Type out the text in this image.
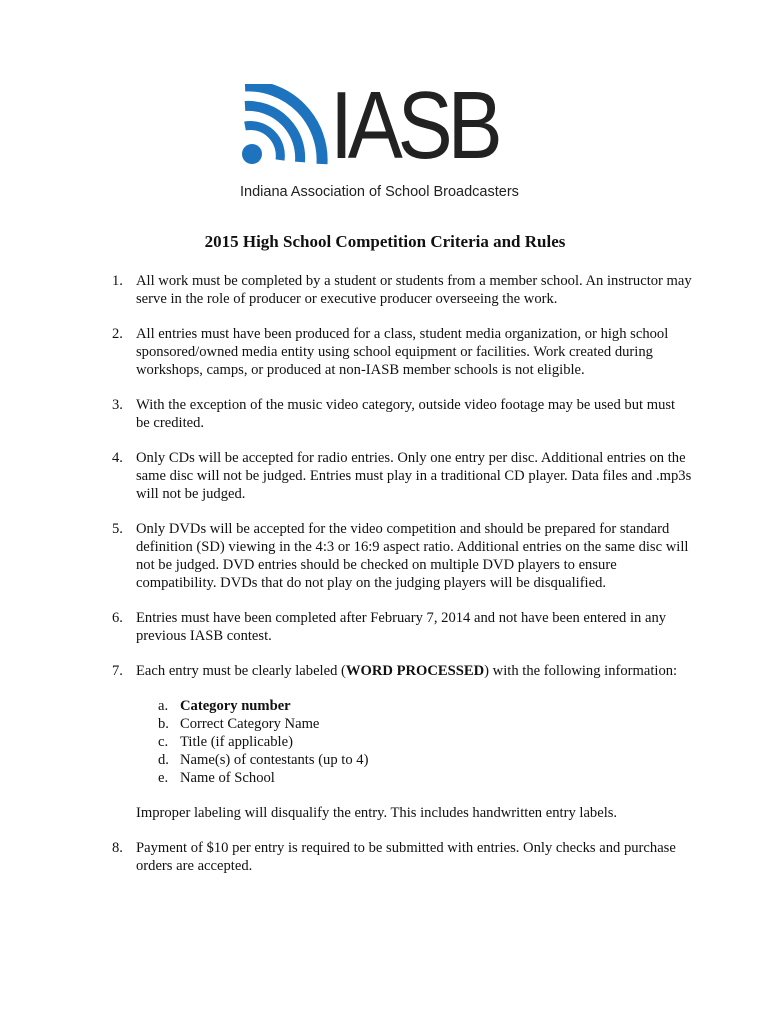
IASB
Indiana Association of School Broadcasters
2015 High School Competition Criteria and Rules
1. All work must be completed by a student or students from a member school. An instructor may serve in the role of producer or executive producer overseeing the work.
2. All entries must have been produced for a class, student media organization, or high school sponsored/owned media entity using school equipment or facilities. Work created during workshops, camps, or produced at non-IASB member schools is not eligible.
3. With the exception of the music video category, outside video footage may be used but must be credited.
4. Only CDs will be accepted for radio entries. Only one entry per disc. Additional entries on the same disc will not be judged. Entries must play in a traditional CD player. Data files and .mp3s will not be judged.
5. Only DVDs will be accepted for the video competition and should be prepared for standard definition (SD) viewing in the 4:3 or 16:9 aspect ratio. Additional entries on the same disc will not be judged. DVD entries should be checked on multiple DVD players to ensure compatibility. DVDs that do not play on the judging players will be disqualified.
6. Entries must have been completed after February 7, 2014 and not have been entered in any previous IASB contest.
7. Each entry must be clearly labeled (WORD PROCESSED) with the following information:
a. Category number
b. Correct Category Name
c. Title (if applicable)
d. Name(s) of contestants (up to 4)
e. Name of School
Improper labeling will disqualify the entry. This includes handwritten entry labels.
8. Payment of $10 per entry is required to be submitted with entries. Only checks and purchase orders are accepted.
